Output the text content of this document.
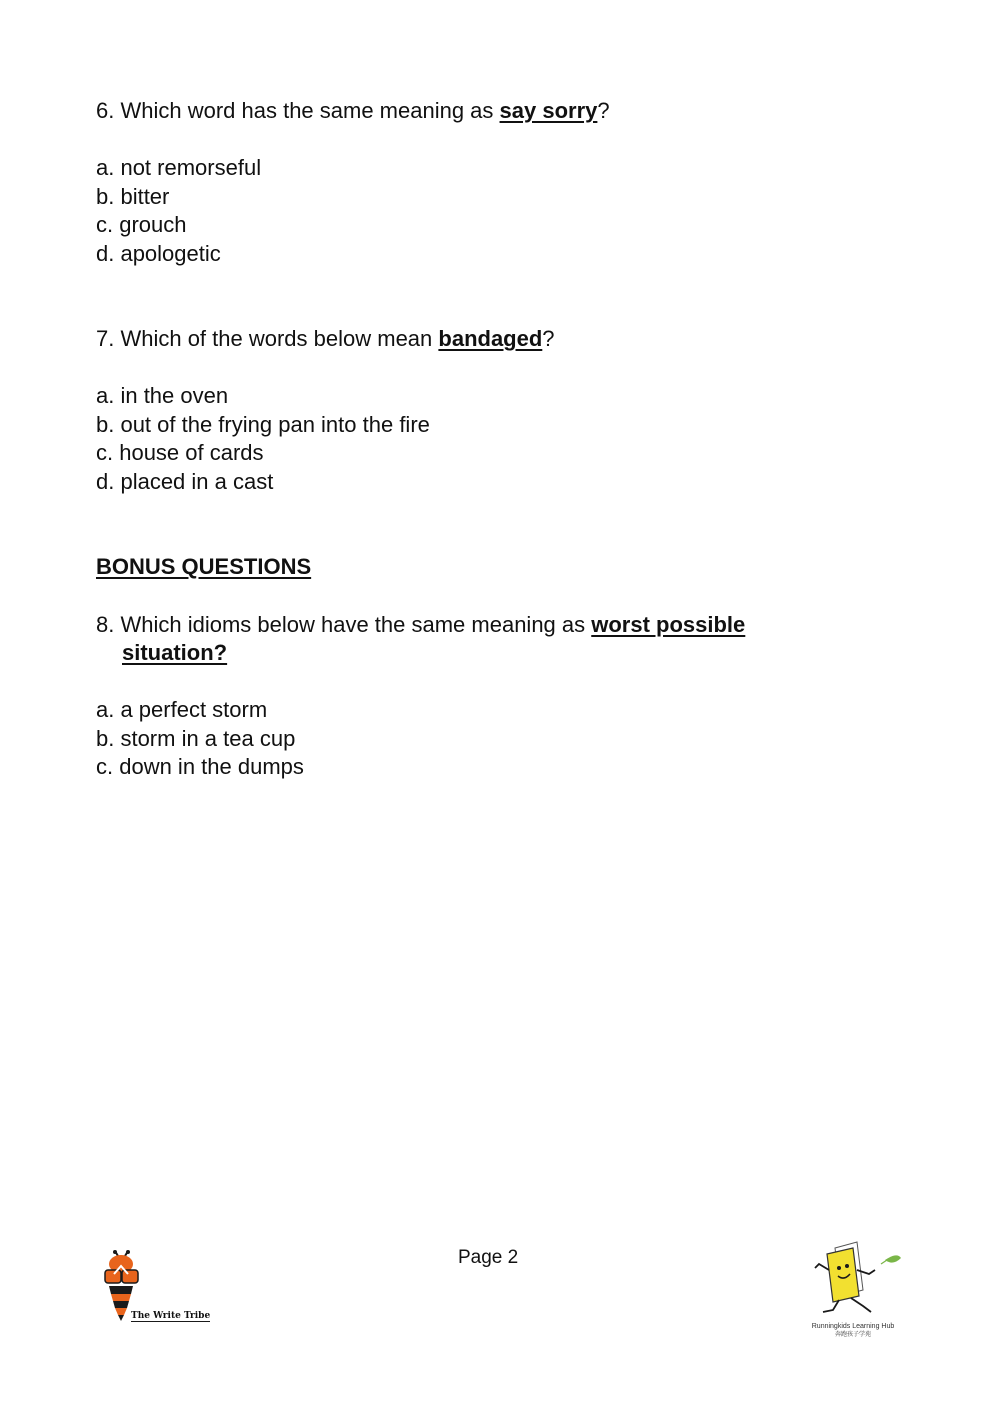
6. Which word has the same meaning as say sorry?
a. not remorseful
b. bitter
c. grouch
d. apologetic
7. Which of the words below mean bandaged?
a. in the oven
b. out of the frying pan into the fire
c. house of cards
d. placed in a cast
BONUS QUESTIONS
8. Which idioms below have the same meaning as worst possible
situation?
a. a perfect storm
b. storm in a tea cup
c. down in the dumps
Page 2
The Write Tribe
Runningkids Learning Hub
奔跑孩子学苑
